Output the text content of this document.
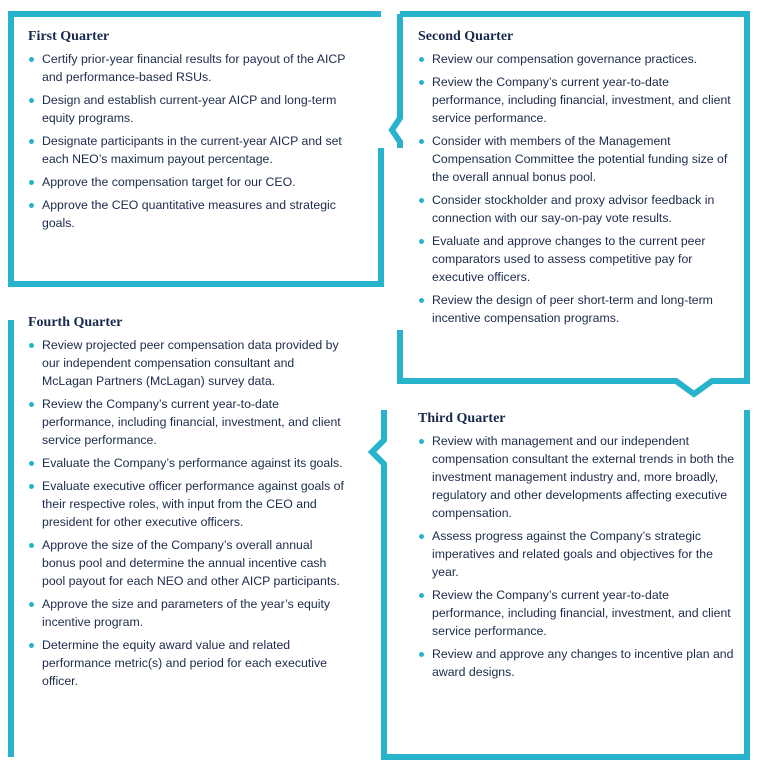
First Quarter
Certify prior-year financial results for payout of the AICP and performance-based RSUs.
Design and establish current-year AICP and long-term equity programs.
Designate participants in the current-year AICP and set each NEO’s maximum payout percentage.
Approve the compensation target for our CEO.
Approve the CEO quantitative measures and strategic goals.
Second Quarter
Review our compensation governance practices.
Review the Company’s current year-to-date performance, including financial, investment, and client service performance.
Consider with members of the Management Compensation Committee the potential funding size of the overall annual bonus pool.
Consider stockholder and proxy advisor feedback in connection with our say-on-pay vote results.
Evaluate and approve changes to the current peer comparators used to assess competitive pay for executive officers.
Review the design of peer short-term and long-term incentive compensation programs.
Fourth Quarter
Review projected peer compensation data provided by our independent compensation consultant and McLagan Partners (McLagan) survey data.
Review the Company’s current year-to-date performance, including financial, investment, and client service performance.
Evaluate the Company’s performance against its goals.
Evaluate executive officer performance against goals of their respective roles, with input from the CEO and president for other executive officers.
Approve the size of the Company’s overall annual bonus pool and determine the annual incentive cash pool payout for each NEO and other AICP participants.
Approve the size and parameters of the year’s equity incentive program.
Determine the equity award value and related performance metric(s) and period for each executive officer.
Third Quarter
Review with management and our independent compensation consultant the external trends in both the investment management industry and, more broadly, regulatory and other developments affecting executive compensation.
Assess progress against the Company’s strategic imperatives and related goals and objectives for the year.
Review the Company’s current year-to-date performance, including financial, investment, and client service performance.
Review and approve any changes to incentive plan and award designs.
